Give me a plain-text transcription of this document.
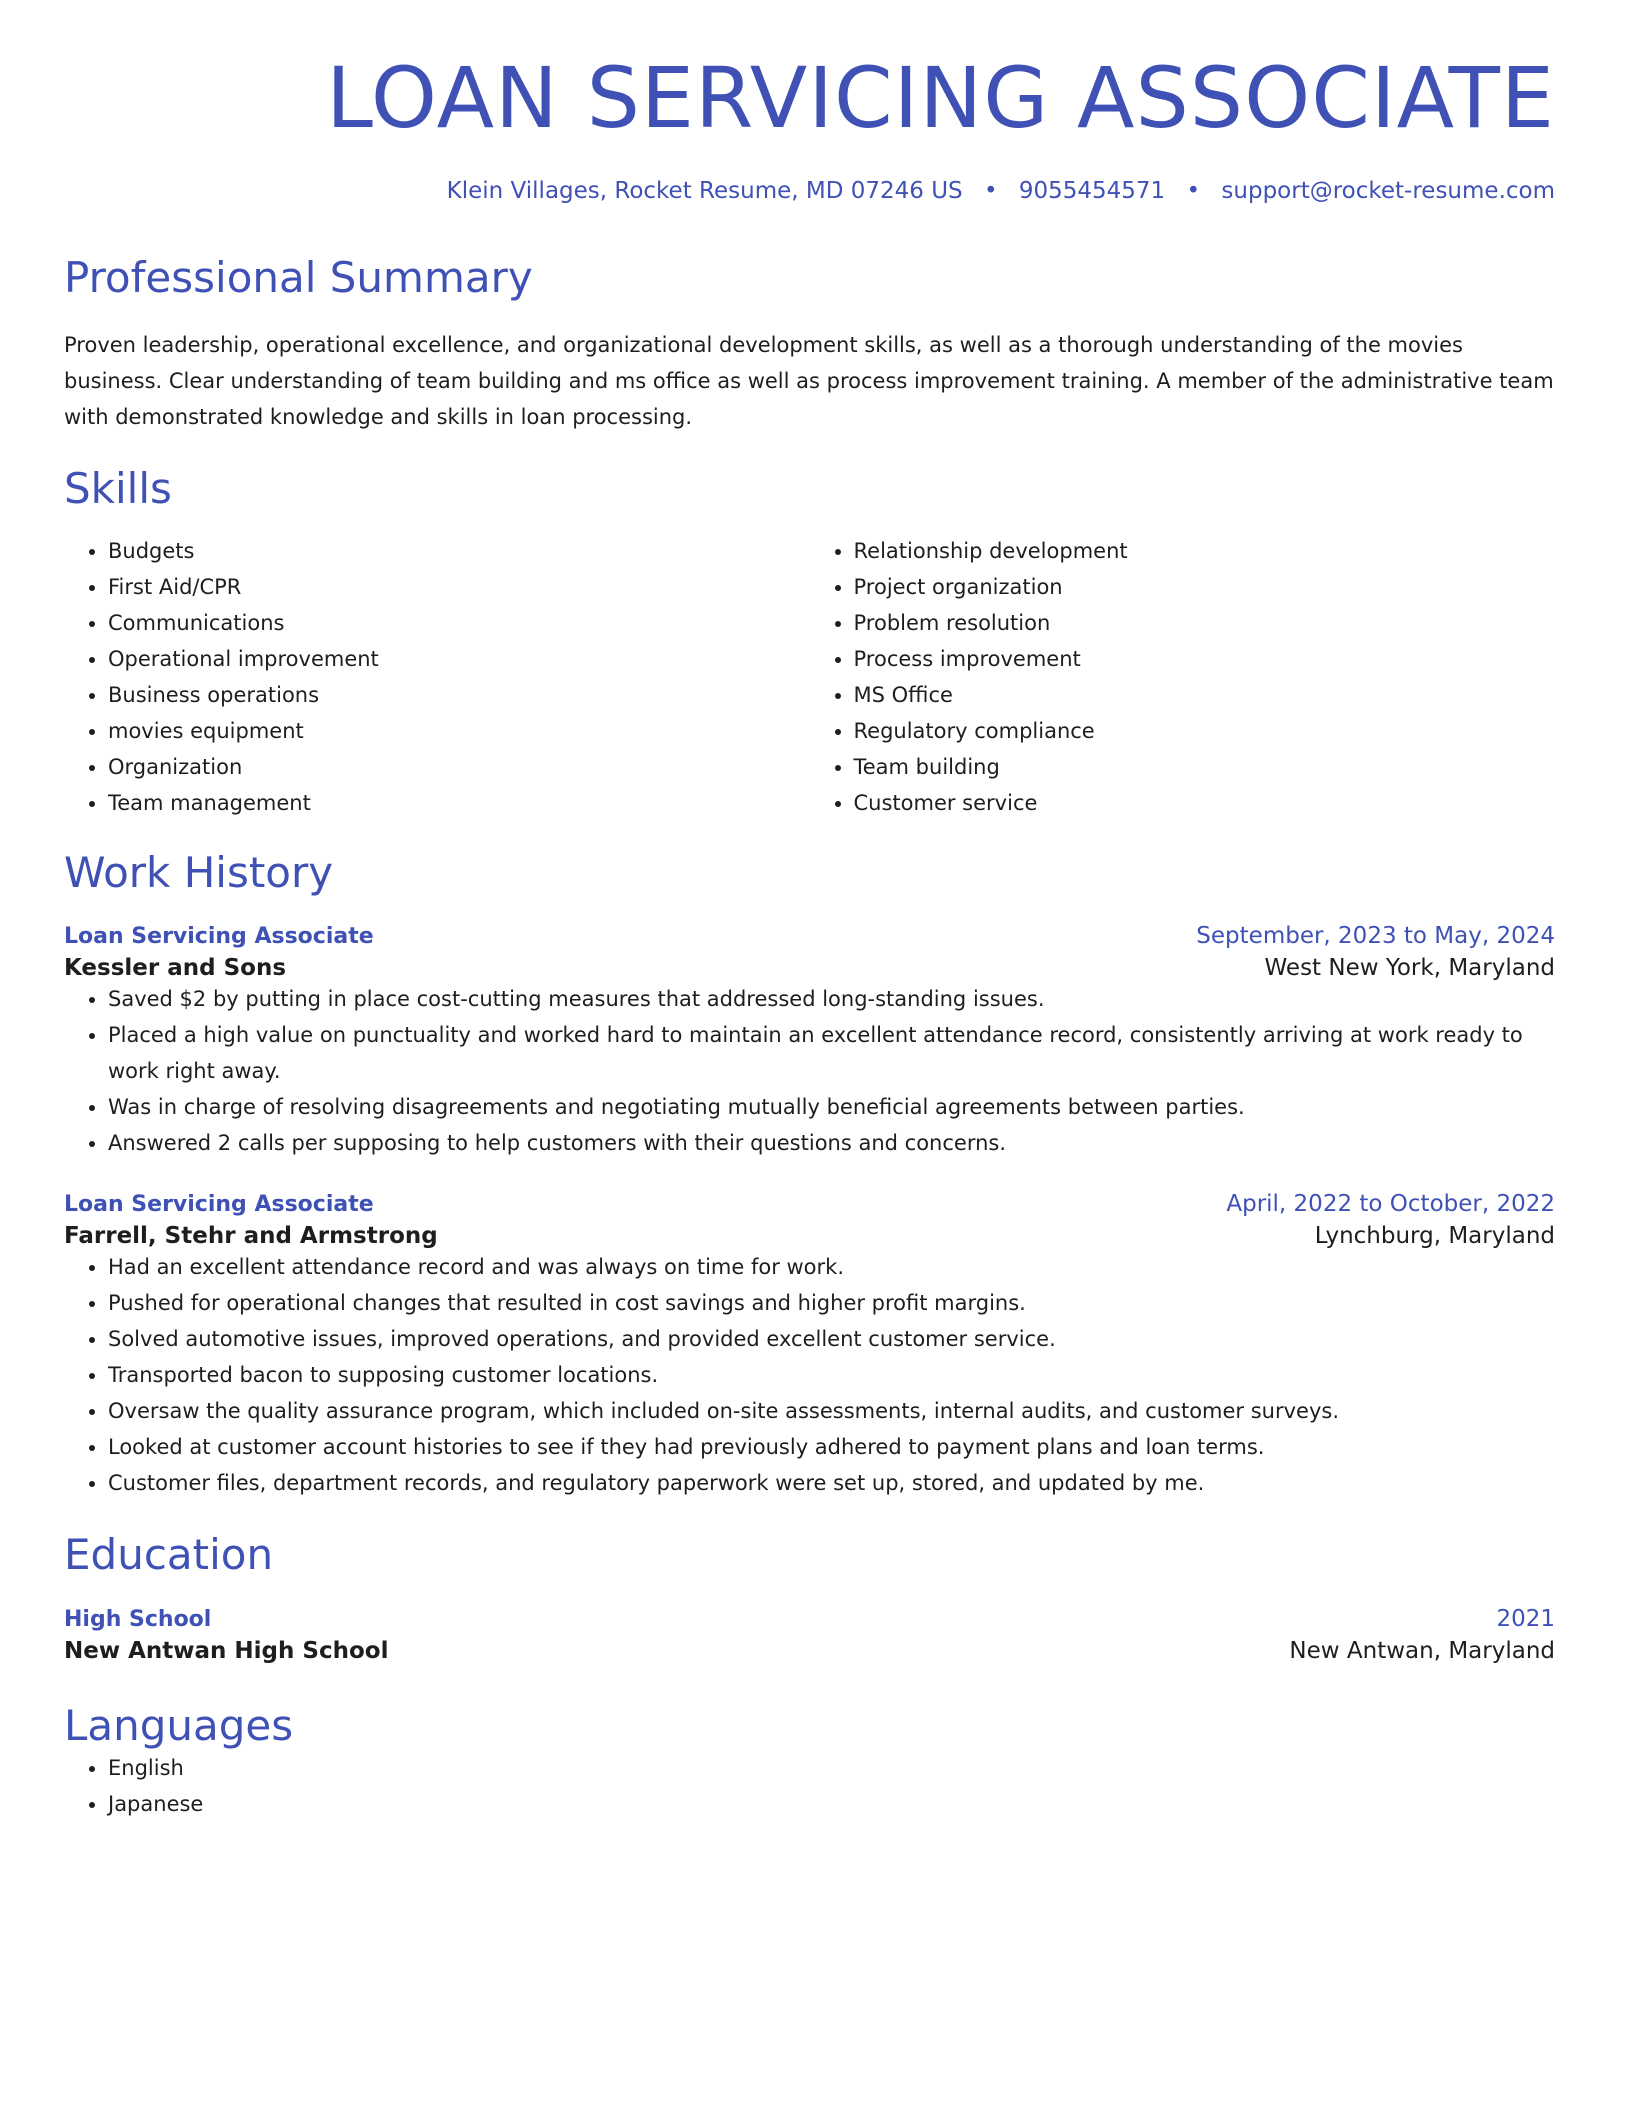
LOAN SERVICING ASSOCIATE
Klein Villages, Rocket Resume, MD 07246 US • 9055454571 • support@rocket-resume.com
Professional Summary

Proven leadership, operational excellence, and organizational development skills, as well as a thorough understanding of the movies business. Clear understanding of team building and ms office as well as process improvement training. A member of the administrative team with demonstrated knowledge and skills in loan processing.

Skills
• Budgets
• First Aid/CPR
• Communications
• Operational improvement
• Business operations
• movies equipment
• Organization
• Team management
• Relationship development
• Project organization
• Problem resolution
• Process improvement
• MS Office
• Regulatory compliance
• Team building
• Customer service
Work History
Loan Servicing Associate	September, 2023 to May, 2024
Kessler and Sons	West New York, Maryland
• Saved $2 by putting in place cost-cutting measures that addressed long-standing issues.
• Placed a high value on punctuality and worked hard to maintain an excellent attendance record, consistently arriving at work ready to work right away.
• Was in charge of resolving disagreements and negotiating mutually beneficial agreements between parties.
• Answered 2 calls per supposing to help customers with their questions and concerns.
Loan Servicing Associate	April, 2022 to October, 2022
Farrell, Stehr and Armstrong	Lynchburg, Maryland
• Had an excellent attendance record and was always on time for work.
• Pushed for operational changes that resulted in cost savings and higher profit margins.
• Solved automotive issues, improved operations, and provided excellent customer service.
• Transported bacon to supposing customer locations.
• Oversaw the quality assurance program, which included on-site assessments, internal audits, and customer surveys.
• Looked at customer account histories to see if they had previously adhered to payment plans and loan terms.
• Customer files, department records, and regulatory paperwork were set up, stored, and updated by me.
Education
High School	2021
New Antwan High School	New Antwan, Maryland
Languages
• English
• Japanese
